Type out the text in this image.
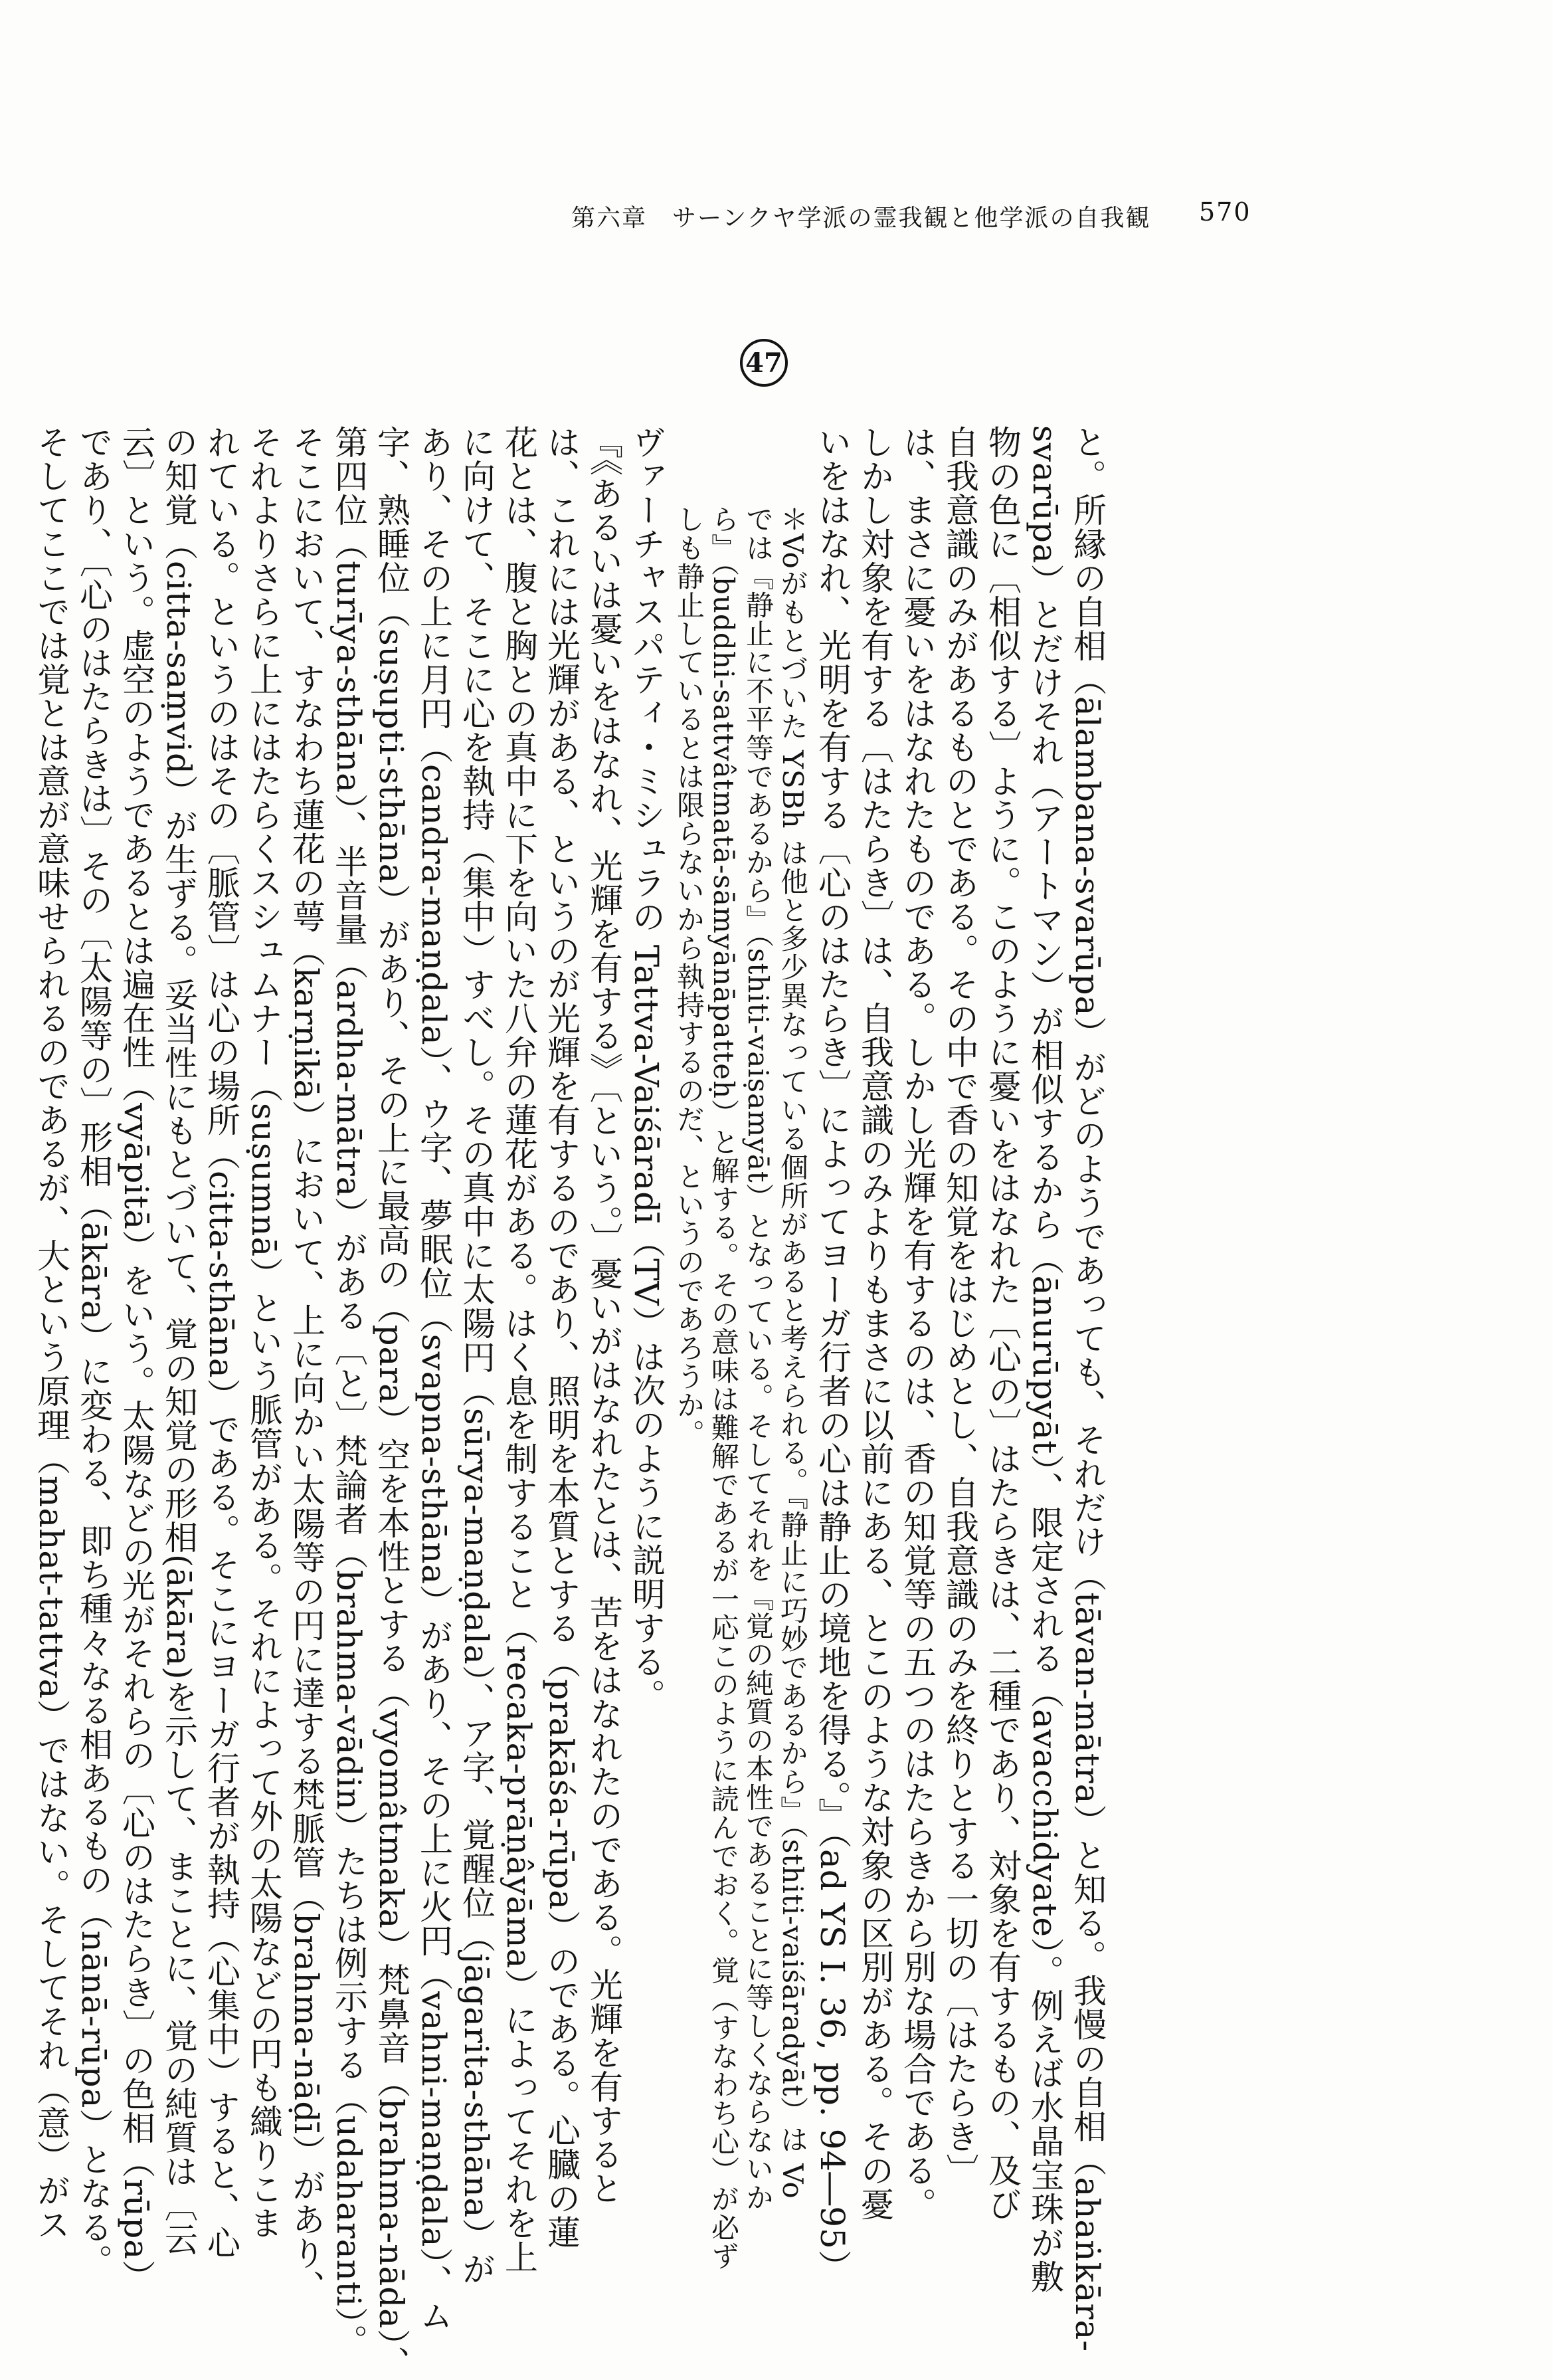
第六章　サーンクヤ学派の霊我観と他学派の自我観 570
47
と。所縁の自相（ālambana-svarūpa）がどのようであっても、それだけ（tāvan-mātra）と知る。我慢の自相（ahaṅkāra-
svarūpa）とだけそれ（アートマン）が相似するから（ānurūpyāt）、限定される（avacchidyate）。例えば水晶宝珠が敷
物の色に〔相似する〕ように。このように憂いをはなれた〔心の〕はたらきは、二種であり、対象を有するもの、及び
自我意識のみがあるものとである。その中で香の知覚をはじめとし、自我意識のみを終りとする一切の〔はたらき〕
は、まさに憂いをはなれたものである。しかし光輝を有するのは、香の知覚等の五つのはたらきから別な場合である。
しかし対象を有する〔はたらき〕は、自我意識のみよりもまさに以前にある、とこのような対象の区別がある。その憂
いをはなれ、光明を有する〔心のはたらき〕によってヨーガ行者の心は静止の境地を得る。』（ad YS I. 36, pp. 94―95）
＊Voがもとづいた YSBh は他と多少異なっている個所があると考えられる。『静止に巧妙であるから』（sthiti-vaiśāradyāt）は Vo
では『静止に不平等であるから』（sthiti-vaiṣamyāt）となっている。そしてそれを『覚の純質の本性であることに等しくならないか
ら』（buddhi-sattvâtmatā-sāmyānāpatteḥ）と解する。その意味は難解であるが一応このように読んでおく。覚（すなわち心）が必ず
しも静止しているとは限らないから執持するのだ、というのであろうか。
ヴァーチャスパティ・ミシュラの Tattva-Vaiśāradī（TV）は次のように説明する。
『《あるいは憂いをはなれ、光輝を有する》〔という。〕憂いがはなれたとは、苦をはなれたのである。光輝を有すると
は、これには光輝がある、というのが光輝を有するのであり、照明を本質とする（prakāśa-rūpa）のである。心臓の蓮
花とは、腹と胸との真中に下を向いた八弁の蓮花がある。はく息を制すること（recaka-prāṇâyāma）によってそれを上
に向けて、そこに心を執持（集中）すべし。その真中に太陽円（sūrya-maṇḍala）、ア字、覚醒位（jāgarita-sthāna）が
あり、その上に月円（candra-maṇḍala）、ウ字、夢眠位（svapna-sthāna）があり、その上に火円（vahni-maṇḍala）、ム
字、熟睡位（suṣupti-sthāna）があり、その上に最高の（para）空を本性とする（vyomâtmaka）梵鼻音（brahma-nāda）、
第四位（turīya-sthāna）、半音量（ardha-mātra）がある〔と〕梵論者（brahma-vādin）たちは例示する（udaharanti）。
そこにおいて、すなわち蓮花の萼（karṇikā）において、上に向かい太陽等の円に達する梵脈管（brahma-nāḍī）があり、
それよりさらに上にはたらくスシュムナー（suṣumnā）という脈管がある。それによって外の太陽などの円も織りこま
れている。というのはその〔脈管〕は心の場所（citta-sthāna）である。そこにヨーガ行者が執持（心集中）すると、心
の知覚（citta-saṃvid）が生ずる。妥当性にもとづいて、覚の知覚の形相(ākāra)を示して、まことに、覚の純質は〔云
云〕という。虚空のようであるとは遍在性（vyāpitā）をいう。太陽などの光がそれらの〔心のはたらき〕の色相（rūpa）
であり、〔心のはたらきは〕その〔太陽等の〕形相（ākāra）に変わる、即ち種々なる相あるもの（nānā-rūpa）となる。
そしてここでは覚とは意が意味せられるのであるが、大という原理（mahat-tattva）ではない。そしてそれ（意）がス
